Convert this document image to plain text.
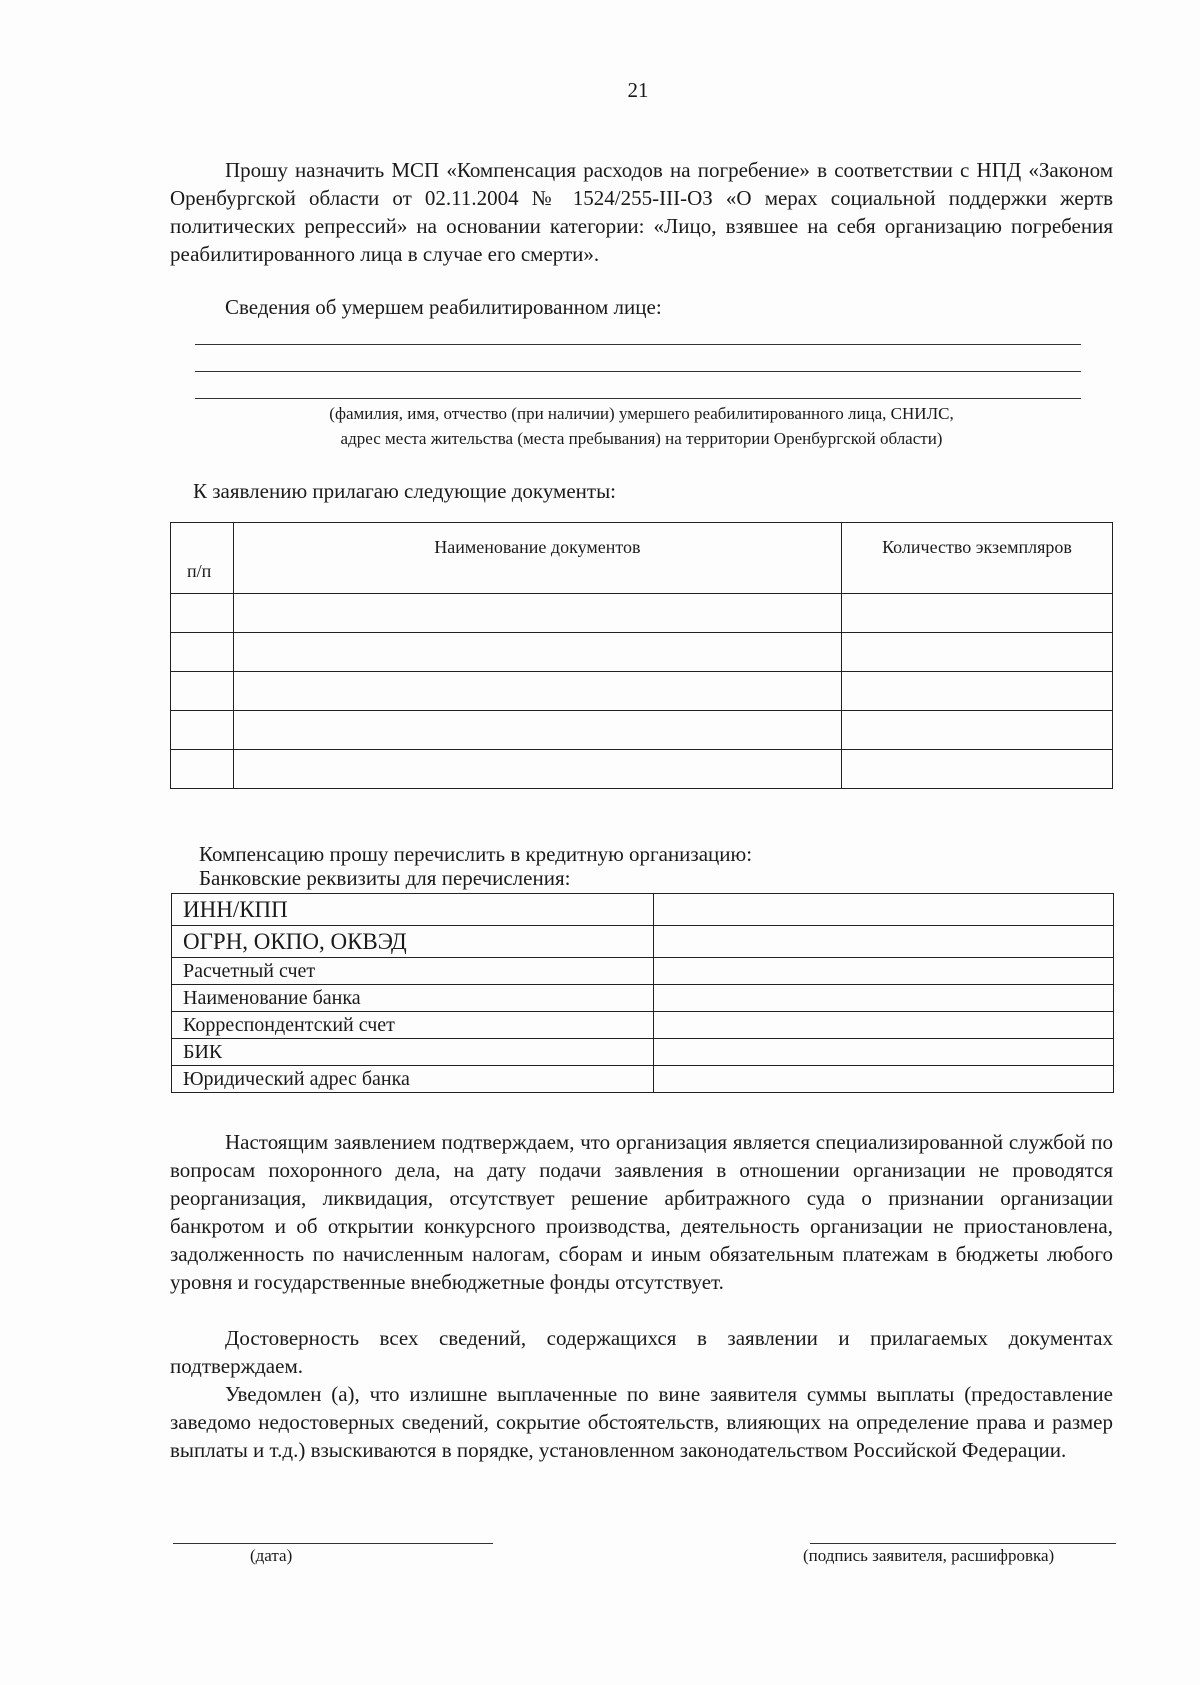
21
Прошу назначить МСП «Компенсация расходов на погребение» в соответствии с НПД «Законом Оренбургской области от 02.11.2004 № 1524/255-III-ОЗ «О мерах социальной поддержки жертв политических репрессий» на основании категории: «Лицо, взявшее на себя организацию погребения реабилитированного лица в случае его смерти».
Сведения об умершем реабилитированном лице:
(фамилия, имя, отчество (при наличии) умершего реабилитированного лица, СНИЛС,
адрес места жительства (места пребывания) на территории Оренбургской области)
К заявлению прилагаю следующие документы:
п/п	Наименование документов	Количество экземпляров

Компенсацию прошу перечислить в кредитную организацию:
Банковские реквизиты для перечисления:
ИНН/КПП	
ОГРН, ОКПО, ОКВЭД	
Расчетный счет	
Наименование банка	
Корреспондентский счет	
БИК	
Юридический адрес банка	
Настоящим заявлением подтверждаем, что организация является специализированной службой по вопросам похоронного дела, на дату подачи заявления в отношении организации не проводятся реорганизация, ликвидация, отсутствует решение арбитражного суда о признании организации банкротом и об открытии конкурсного производства, деятельность организации не приостановлена, задолженность по начисленным налогам, сборам и иным обязательным платежам в бюджеты любого уровня и государственные внебюджетные фонды отсутствует.
Достоверность всех сведений, содержащихся в заявлении и прилагаемых документах подтверждаем.
Уведомлен (а), что излишне выплаченные по вине заявителя суммы выплаты (предоставление заведомо недостоверных сведений, сокрытие обстоятельств, влияющих на определение права и размер выплаты и т.д.) взыскиваются в порядке, установленном законодательством Российской Федерации.
(дата)	(подпись заявителя, расшифровка)
